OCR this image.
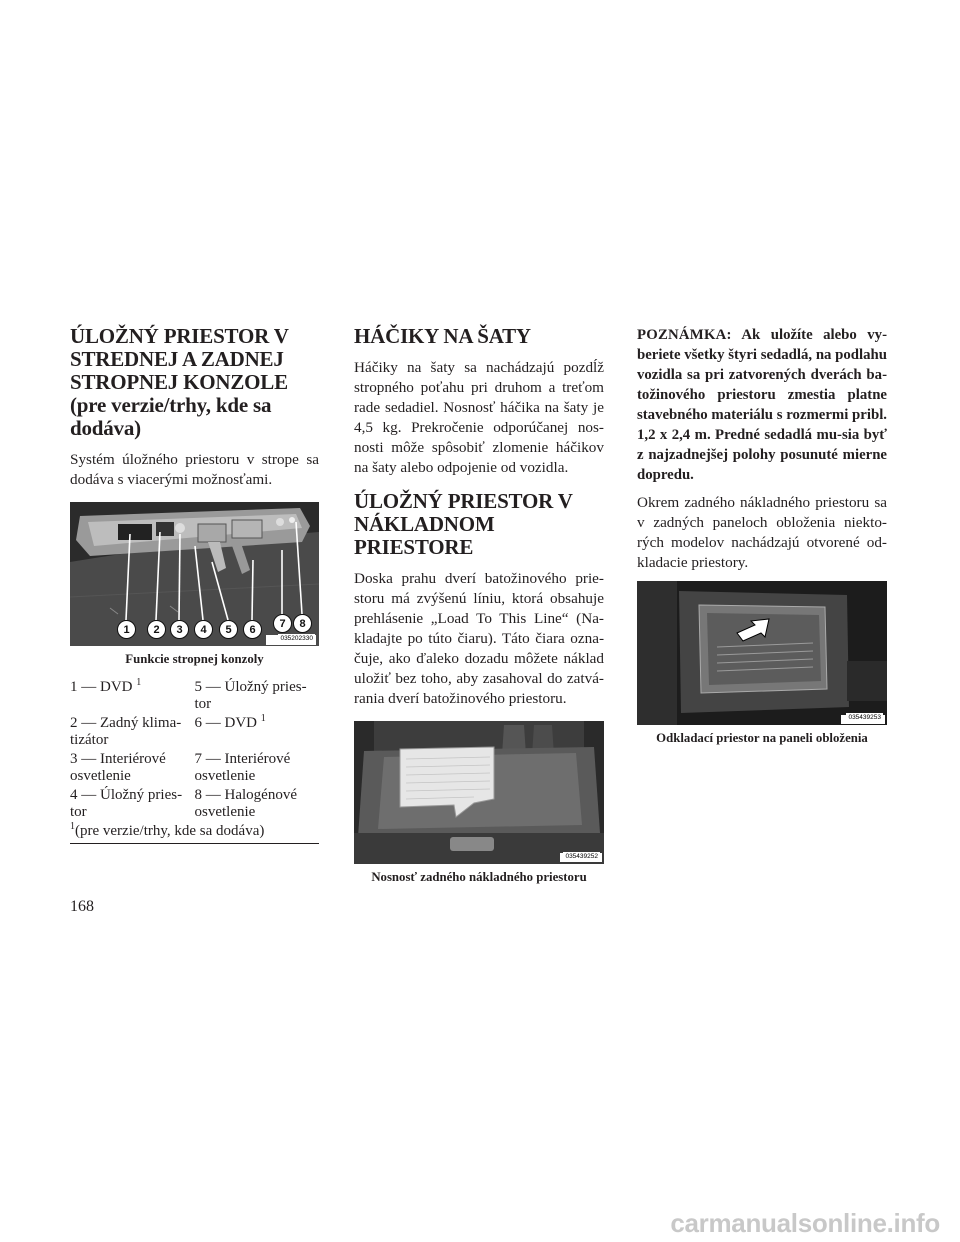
ÚLOŽNÝ PRIESTOR V STREDNEJ A ZADNEJ STROPNEJ KONZOLE (pre verzie/trhy, kde sa dodáva)

Systém úložného priestoru v strope sa dodáva s viacerými možnosťami.

1	2	3	4	5	6	7	8
035202330
Funkcie stropnej konzoly
1 — DVD $^1$	5 — Úložný pries-tor
2 — Zadný klima-tizátor	6 — DVD $^1$
3 — Interiérové osvetlenie	7 — Interiérové osvetlenie
4 — Úložný pries-tor	8 — Halogénové osvetlenie
$^1$(pre verzie/trhy, kde sa dodáva)	
HÁČIKY NA ŠATY

Háčiky na šaty sa nachádzajú pozdĺž stropného poťahu pri druhom a treťom rade sedadiel. Nosnosť háčika na šaty je 4,5 kg. Prekročenie odporúčanej nos-nosti môže spôsobiť zlomenie háčikov na šaty alebo odpojenie od vozidla.

ÚLOŽNÝ PRIESTOR V NÁKLADNOM PRIESTORE

Doska prahu dverí batožinového prie-storu má zvýšenú líniu, ktorá obsahuje prehlásenie „Load To This Line“ (Na-kladajte po túto čiaru). Táto čiara ozna-čuje, ako ďaleko dozadu môžete náklad uložiť bez toho, aby zasahoval do zatvá-rania dverí batožinového priestoru.

035439252
Nosnosť zadného nákladného priestoru

POZNÁMKA: Ak uložíte alebo vy-beriete všetky štyri sedadlá, na podlahu vozidla sa pri zatvorených dverách ba-tožinového priestoru zmestia platne stavebného materiálu s rozmermi pribl. 1,2 x 2,4 m. Predné sedadlá mu-sia byť z najzadnejšej polohy posunuté mierne dopredu.

Okrem zadného nákladného priestoru sa v zadných paneloch obloženia niekto-rých modelov nachádzajú otvorené od-kladacie priestory.

035439253
Odkladací priestor na paneli obloženia
168
carmanualsonline.info
